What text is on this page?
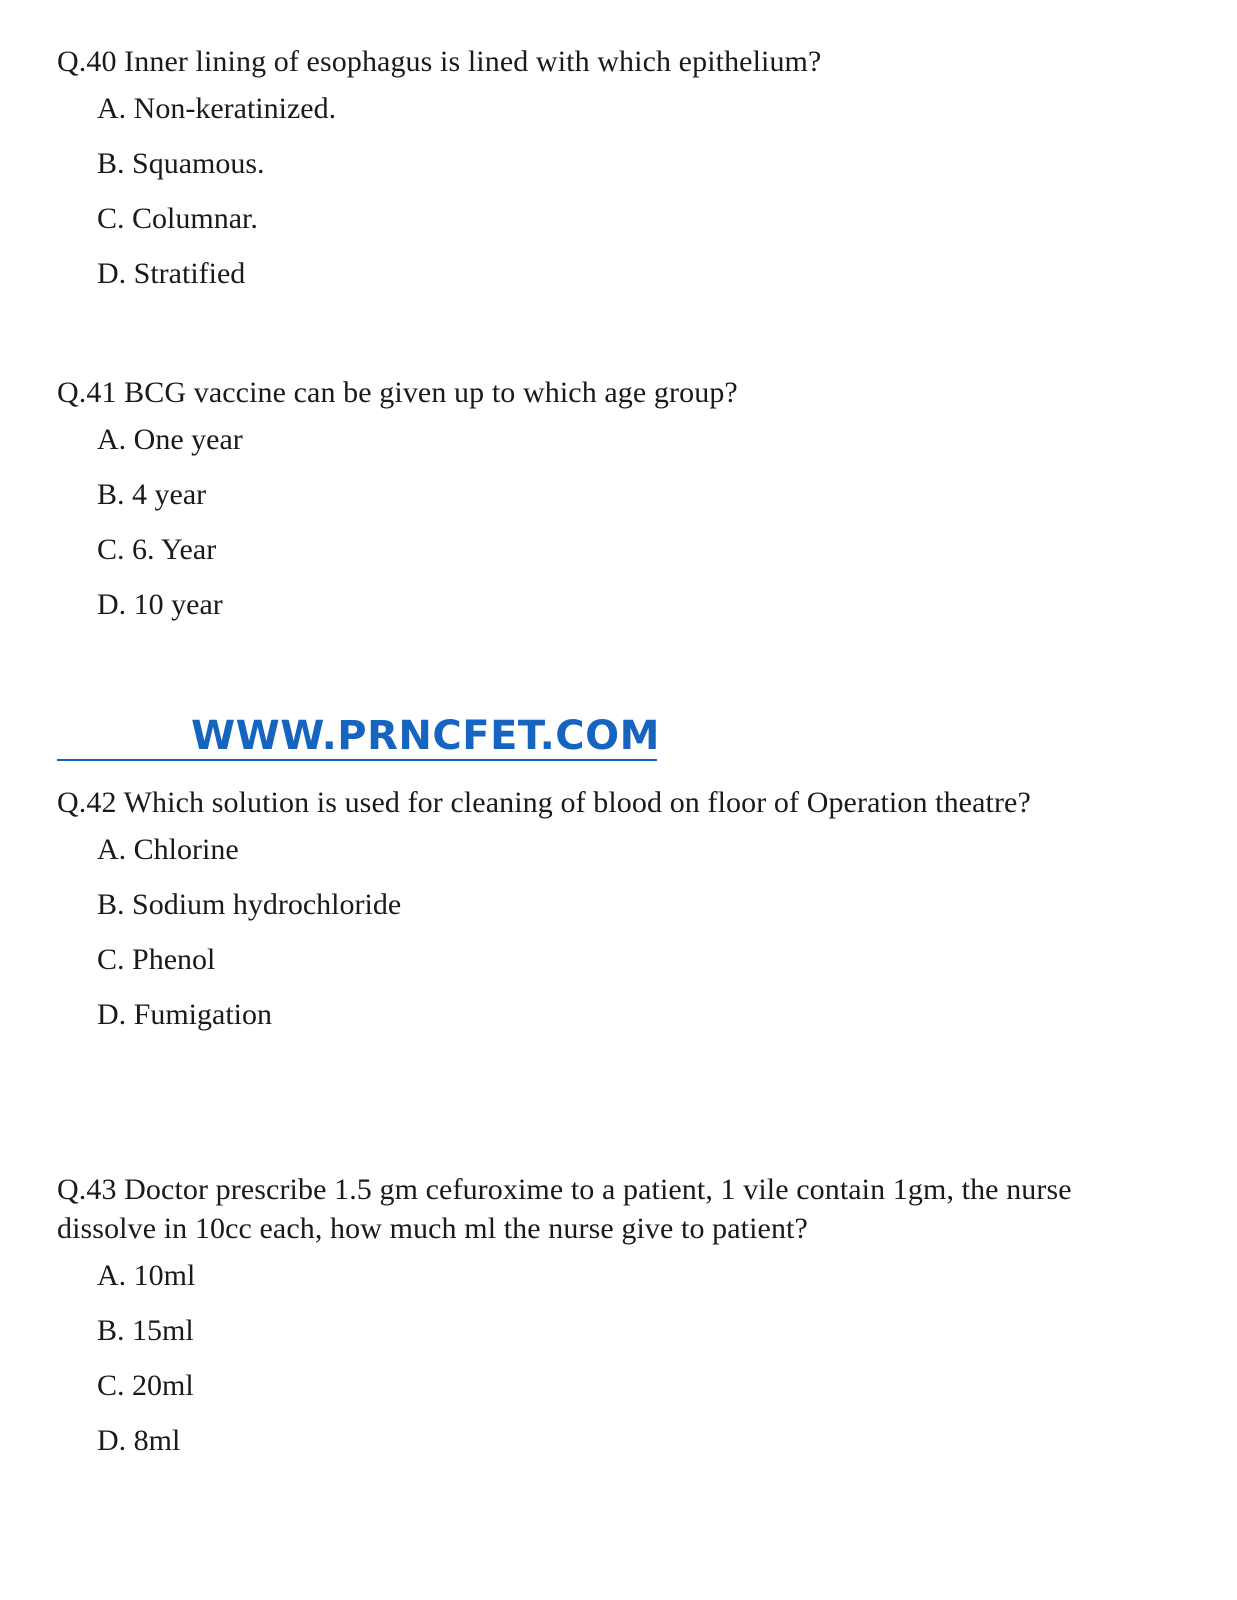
Q.40 Inner lining of esophagus is lined with which epithelium?

A. Non-keratinized.
B. Squamous.
C. Columnar.
D. Stratified

Q.41 BCG vaccine can be given up to which age group?

A. One year
B. 4 year
C. 6. Year
D. 10 year
WWW.PRNCFET.COM

Q.42 Which solution is used for cleaning of blood on floor of Operation theatre?

A. Chlorine
B. Sodium hydrochloride
C. Phenol
D. Fumigation

Q.43 Doctor prescribe 1.5 gm cefuroxime to a patient, 1 vile contain 1gm, the nurse dissolve in 10cc each, how much ml the nurse give to patient?

A. 10ml
B. 15ml
C. 20ml
D. 8ml
